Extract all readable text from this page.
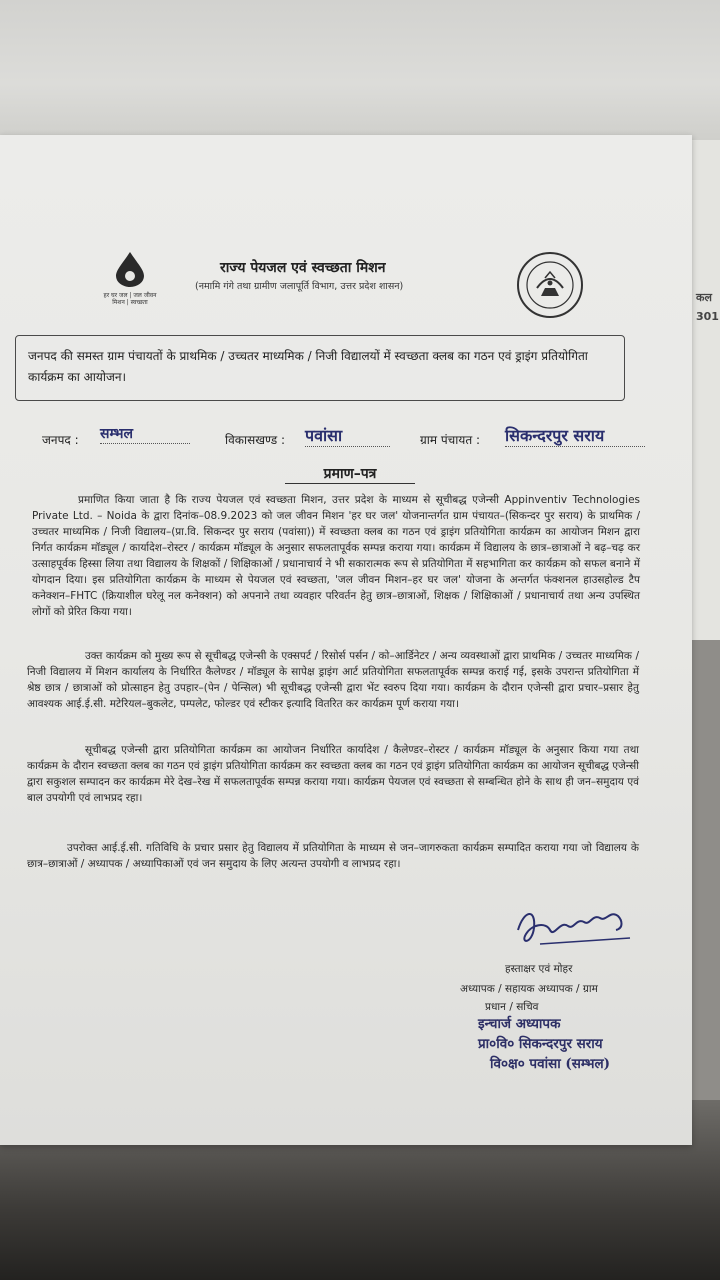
कल
301
हर घर जल | जल जीवन मिशन | स्वच्छता
राज्य पेयजल एवं स्वच्छता मिशन
(नमामि गंगे तथा ग्रामीण जलापूर्ति विभाग, उत्तर प्रदेश शासन)
जनपद की समस्त ग्राम पंचायतों के प्राथमिक / उच्चतर माध्यमिक / निजी विद्यालयों में स्वच्छता क्लब का गठन एवं ड्राइंग प्रतियोगिता कार्यक्रम का आयोजन।
जनपद : सम्भल	विकासखण्ड : पवांसा	ग्राम पंचायत : सिकन्दरपुर सराय
प्रमाण–पत्र

प्रमाणित किया जाता है कि राज्य पेयजल एवं स्वच्छता मिशन, उत्तर प्रदेश के माध्यम से सूचीबद्ध एजेन्सी Appinventiv Technologies Private Ltd. – Noida के द्वारा दिनांक–08.9.2023 को जल जीवन मिशन 'हर घर जल' योजनान्तर्गत ग्राम पंचायत–(सिकन्दर पुर सराय) के प्राथमिक / उच्चतर माध्यमिक / निजी विद्यालय–(प्रा.वि. सिकन्दर पुर सराय (पवांसा)) में स्वच्छता क्लब का गठन एवं ड्राइंग प्रतियोगिता कार्यक्रम का आयोजन मिशन द्वारा निर्गत कार्यक्रम मॉड्यूल / कार्यादेश–रोस्टर / कार्यक्रम मॉड्यूल के अनुसार सफलतापूर्वक सम्पन्न कराया गया। कार्यक्रम में विद्यालय के छात्र–छात्राओं ने बढ़–चढ़ कर उत्साहपूर्वक हिस्सा लिया तथा विद्यालय के शिक्षकों / शिक्षिकाओं / प्रधानाचार्य ने भी सकारात्मक रूप से प्रतियोगिता में सहभागिता कर कार्यक्रम को सफल बनाने में योगदान दिया। इस प्रतियोगिता कार्यक्रम के माध्यम से पेयजल एवं स्वच्छता, 'जल जीवन मिशन–हर घर जल' योजना के अन्तर्गत फंक्शनल हाउसहोल्ड टैप कनेक्शन–FHTC (क्रियाशील घरेलू नल कनेक्शन) को अपनाने तथा व्यवहार परिवर्तन हेतु छात्र–छात्राओं, शिक्षक / शिक्षिकाओं / प्रधानाचार्य तथा अन्य उपस्थित लोगों को प्रेरित किया गया।

उक्त कार्यक्रम को मुख्य रूप से सूचीबद्ध एजेन्सी के एक्सपर्ट / रिसोर्स पर्सन / को–आर्डिनेटर / अन्य व्यवस्थाओं द्वारा प्राथमिक / उच्चतर माध्यमिक / निजी विद्यालय में मिशन कार्यालय के निर्धारित कैलेण्डर / मॉड्यूल के सापेक्ष ड्राइंग आर्ट प्रतियोगिता सफलतापूर्वक सम्पन्न कराई गई, इसके उपरान्त प्रतियोगिता में श्रेष्ठ छात्र / छात्राओं को प्रोत्साहन हेतु उपहार–(पेन / पेन्सिल) भी सूचीबद्ध एजेन्सी द्वारा भेंट स्वरुप दिया गया। कार्यक्रम के दौरान एजेन्सी द्वारा प्रचार–प्रसार हेतु आवश्यक आई.ई.सी. मटेरियल–बुकलेट, पम्पलेट, फोल्डर एवं स्टीकर इत्यादि वितरित कर कार्यक्रम पूर्ण कराया गया।

सूचीबद्ध एजेन्सी द्वारा प्रतियोगिता कार्यक्रम का आयोजन निर्धारित कार्यादेश / कैलेण्डर–रोस्टर / कार्यक्रम मॉड्यूल के अनुसार किया गया तथा कार्यक्रम के दौरान स्वच्छता क्लब का गठन एवं ड्राइंग प्रतियोगिता कार्यक्रम कर स्वच्छता क्लब का गठन एवं ड्राइंग प्रतियोगिता कार्यक्रम का आयोजन सूचीबद्ध एजेन्सी द्वारा सकुशल सम्पादन कर कार्यक्रम मेरे देख–रेख में सफलतापूर्वक सम्पन्न कराया गया। कार्यक्रम पेयजल एवं स्वच्छता से सम्बन्धित होने के साथ ही जन–समुदाय एवं बाल उपयोगी एवं लाभप्रद रहा।

उपरोक्त आई.ई.सी. गतिविधि के प्रचार प्रसार हेतु विद्यालय में प्रतियोगिता के माध्यम से जन–जागरुकता कार्यक्रम सम्पादित कराया गया जो विद्यालय के छात्र–छात्राओं / अध्यापक / अध्यापिकाओं एवं जन समुदाय के लिए अत्यन्त उपयोगी व लाभप्रद रहा।

हस्ताक्षर एवं मोहर
अध्यापक / सहायक अध्यापक / ग्राम
प्रधान / सचिव
इन्चार्ज अध्यापक
प्रा०वि० सिकन्दरपुर सराय
वि०क्ष० पवांसा (सम्भल)
